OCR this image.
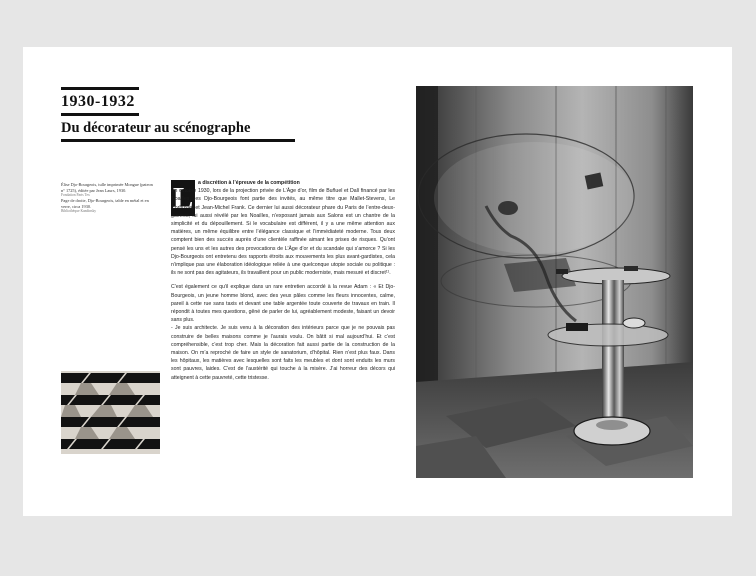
1930-1932
Du décorateur au scénographe
Élise Djo-Bourgeois, tulle imprimée Mongue (pateon n° 1725), éditée par Jean Laurs, 1930.
Fondation Paris Tex
Page de droite, Djo-Bourgeois, table en métal et en verre, circa 1930.
Bibliothèque Kandinsky	L a discrétion à l’épreuve de la compétition
En octobre 1930, lors de la projection privée de L’Âge d’or, film de Buñuel et Dalí financé par les Noailles, les Djo-Bourgeois font partie des invités, au même titre que Mallet-Stevens, Le Corbusier et Jean-Michel Frank. Ce dernier lui aussi décorateur phare du Paris de l’entre-deux-guerres, lui aussi révélé par les Noailles, n’exposant jamais aux Salons est un chantre de la simplicité et du dépouillement. Si le vocabulaire est différent, il y a une même attention aux matières, un même équilibre entre l’élégance classique et l’immédiateté moderne. Tous deux comptent bien des succès auprès d’une clientèle raffinée aimant les prises de risques. Qu’ont pensé les uns et les autres des provocations de L’Âge d’or et du scandale qui s’amorce ? Si les Djo-Bourgeois ont entretenu des rapports étroits aux mouvements les plus avant-gardistes, cela n’implique pas une élaboration idéologique reliée à une quelconque utopie sociale ou politique : ils ne sont pas des agitateurs, ils travaillent pour un public moderniste, mais mesuré et discret¹¹.

C’est également ce qu’il explique dans un rare entretien accordé à la revue Adam : « Et Djo-Bourgeois, un jeune homme blond, avec des yeux pâles comme les fleurs innocentes, calme, pareil à cette rue sans taxis et devant une table argentée toute couverte de travaux en train. Il répondit à toutes mes questions, gêné de parler de lui, agréablement modeste, faisant un devoir sans plus.

- Je suis architecte. Je suis venu à la décoration des intérieurs parce que je ne pouvais pas construire de belles maisons comme je l’aurais voulu. On bâtit si mal aujourd’hui. Et c’est compréhensible, c’est trop cher. Mais la décoration fait aussi partie de la construction de la maison. On m’a reproché de faire un style de sanatorium, d’hôpital. Rien n’est plus faux. Dans les hôpitaux, les matières avec lesquelles sont faits les meubles et dont sont enduits les murs sont pauvres, laides. C’est de l’austérité qui touche à la misère. J’ai horreur des décors qui atteignent à cette pauvreté, cette tristesse.
